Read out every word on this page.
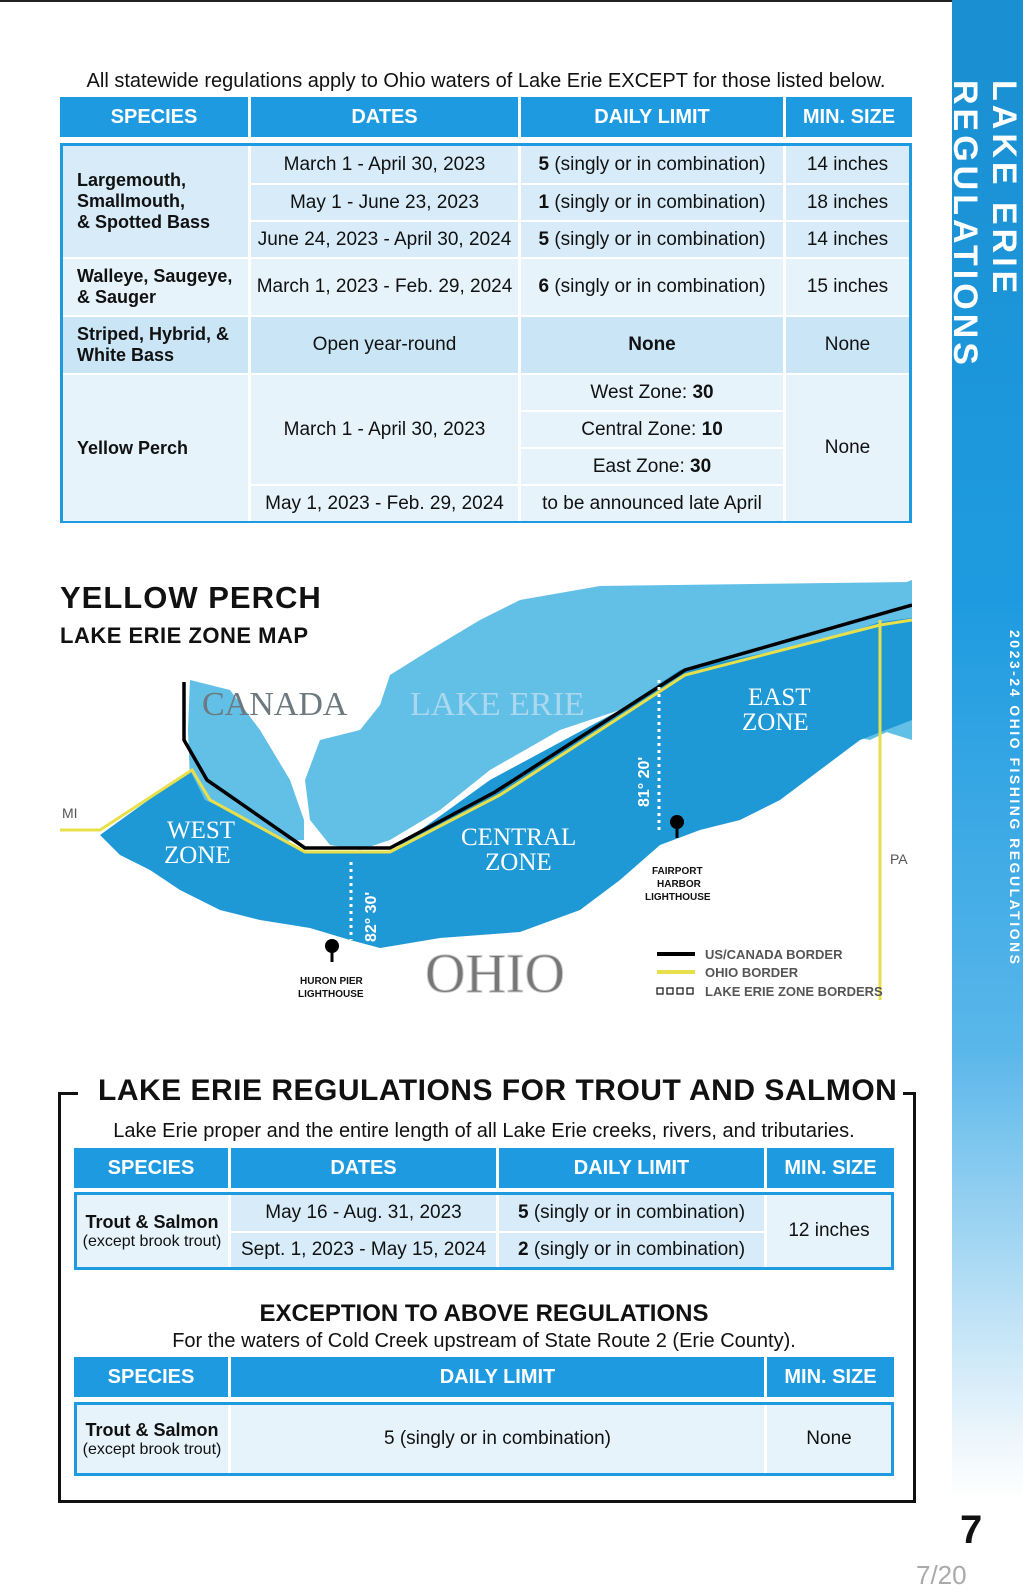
LAKE ERIE REGULATIONS
2023-24 OHIO FISHING REGULATIONS
All statewide regulations apply to Ohio waters of Lake Erie EXCEPT for those listed below.
SPECIES	DATES	DAILY LIMIT	MIN. SIZE

Largemouth,
Smallmouth,
& Spotted Bass	March 1 - April 30, 2023	5 (singly or in combination)	14 inches
	May 1 - June 23, 2023	1 (singly or in combination)	18 inches
	June 24, 2023 - April 30, 2024	5 (singly or in combination)	14 inches

Walleye, Saugeye,
& Sauger	March 1, 2023 - Feb. 29, 2024	6 (singly or in combination)	15 inches

Striped, Hybrid, &
White Bass	Open year-round	None	None
Yellow Perch	March 1 - April 30, 2023	West Zone: 30	None
		Central Zone: 10	
		East Zone: 30	
	May 1, 2023 - Feb. 29, 2024	to be announced late April	
CANADA LAKE ERIE
OHIO
MI
PA
WEST
ZONE
CENTRAL
ZONE
EAST
ZONE
82° 30'
81° 20'
HURON PIER
LIGHTHOUSE
FAIRPORT
HARBOR
LIGHTHOUSE
US/CANADA BORDER
OHIO BORDER
LAKE ERIE ZONE BORDERS
YELLOW PERCH
LAKE ERIE ZONE MAP
LAKE ERIE REGULATIONS FOR TROUT AND SALMON
Lake Erie proper and the entire length of all Lake Erie creeks, rivers, and tributaries.
SPECIES	DATES	DAILY LIMIT	MIN. SIZE
Trout & Salmon
(except brook trout)	May 16 - Aug. 31, 2023	5 (singly or in combination)	12 inches
	Sept. 1, 2023 - May 15, 2024	2 (singly or in combination)	
EXCEPTION TO ABOVE REGULATIONS
For the waters of Cold Creek upstream of State Route 2 (Erie County).
SPECIES	DAILY LIMIT	MIN. SIZE
Trout & Salmon
(except brook trout)	5 (singly or in combination)	None
7
7/20
